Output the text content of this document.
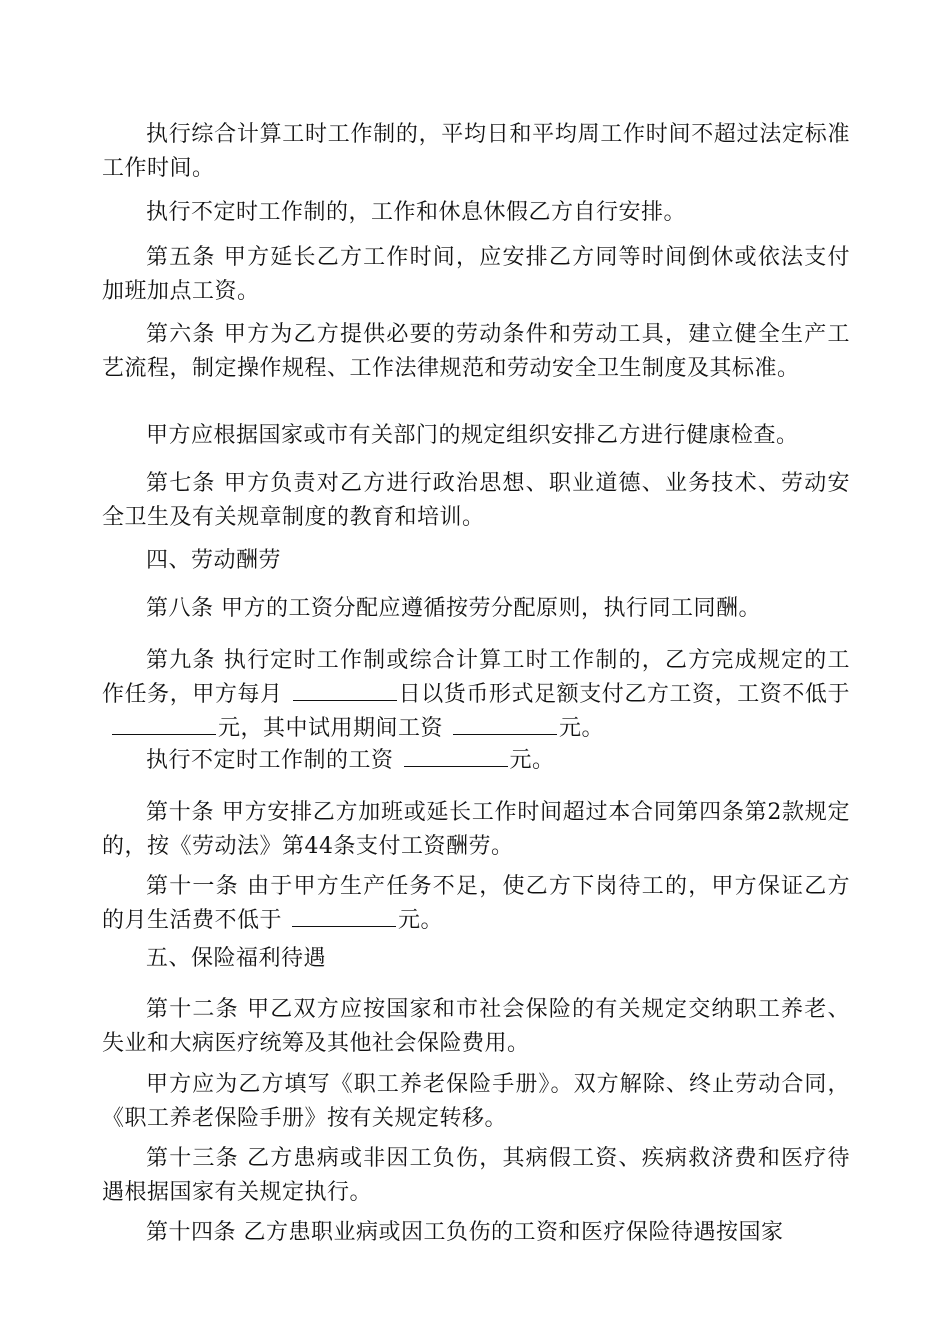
执行综合计算工时工作制的，平均日和平均周工作时间不超过法定标准工作时间。

执行不定时工作制的，工作和休息休假乙方自行安排。

第五条 甲方延长乙方工作时间，应安排乙方同等时间倒休或依法支付加班加点工资。

第六条 甲方为乙方提供必要的劳动条件和劳动工具，建立健全生产工艺流程，制定操作规程、工作法律规范和劳动安全卫生制度及其标准。

甲方应根据国家或市有关部门的规定组织安排乙方进行健康检查。

第七条 甲方负责对乙方进行政治思想、职业道德、业务技术、劳动安全卫生及有关规章制度的教育和培训。

四、劳动酬劳

第八条 甲方的工资分配应遵循按劳分配原则，执行同工同酬。

第九条 执行定时工作制或综合计算工时工作制的，乙方完成规定的工作任务，甲方每月	日以货币形式足额支付乙方工资，工资不低于元，其中试用期间工资	元。

执行不定时工作制的工资	元。

第十条 甲方安排乙方加班或延长工作时间超过本合同第四条第2款规定的，按《劳动法》第44条支付工资酬劳。

第十一条 由于甲方生产任务不足，使乙方下岗待工的，甲方保证乙方的月生活费不低于	元。

五、保险福利待遇

第十二条 甲乙双方应按国家和市社会保险的有关规定交纳职工养老、失业和大病医疗统筹及其他社会保险费用。

甲方应为乙方填写《职工养老保险手册》。双方解除、终止劳动合同，《职工养老保险手册》按有关规定转移。

第十三条 乙方患病或非因工负伤，其病假工资、疾病救济费和医疗待遇根据国家有关规定执行。

第十四条 乙方患职业病或因工负伤的工资和医疗保险待遇按国家
